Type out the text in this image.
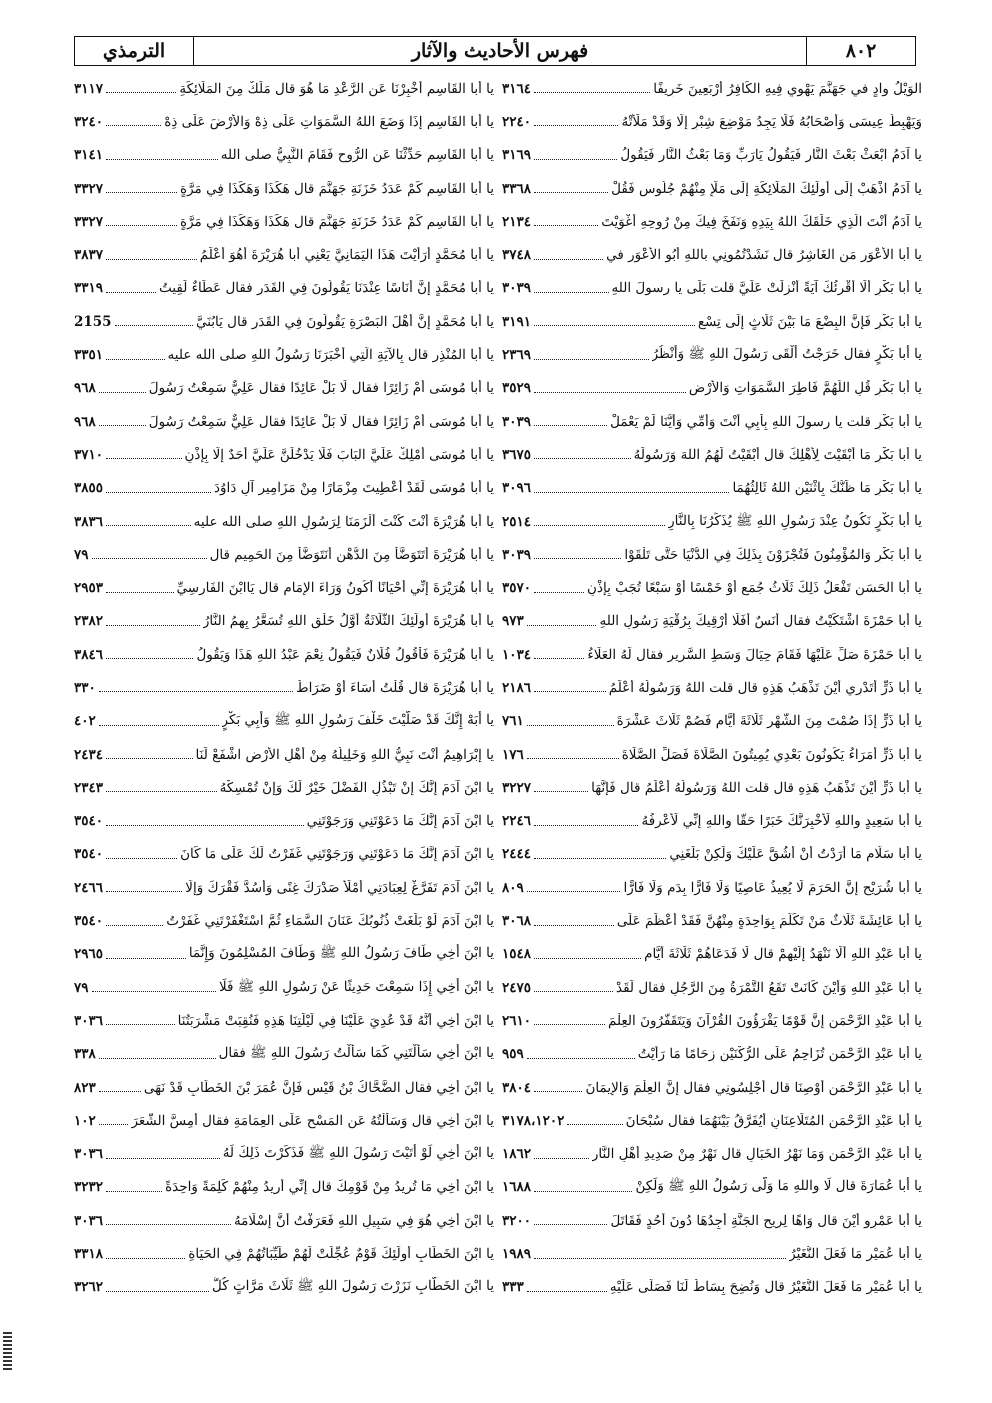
٨٠٢
فهرس الأحاديث والآثار
الترمذي
الوَيْلُ وادٍ في جَهَنَّمَ يَهْوِي فِيهِ الكَافِرُ أَرْبَعِينَ خَرِيفًا
٣١٦٤
وَيَهْبِطُ عِيسَى وَأَصْحَابُهُ فَلَا يَجِدُ مَوْضِعَ شِبْرٍ إِلَّا وَقَدْ مَلَأَتْهُ
٢٢٤٠
يا آدَمُ ابْعَثْ بَعْثَ النَّارِ فَيَقُولُ يَارَبِّ وَمَا بَعْثُ النَّارِ فَيَقُولُ
٣١٦٩
يا آدَمُ اذْهَبْ إِلَى أُولَئِكَ المَلَائِكَةِ إِلَى مَلَإٍ مِنْهُمْ جُلُوسٍ فَقُلْ
٣٣٦٨
يا آدَمُ أَنْتَ الَّذِي خَلَقَكَ اللهُ بِيَدِهِ وَنَفَخَ فِيكَ مِنْ رُوحِهِ أَغْوَيْتَ
٢١٣٤
يا أبا الأَعْوَرِ مَن الغَاشِرُ قال نَشَدْتُمُونِي باللهِ أَبُو الأَعْوَرِ في
٣٧٤٨
يا أبا بَكْرٍ أَلَا أُقْرِئُكَ آيَةً أُنْزِلَتْ عَلَيَّ قلت بَلَى يا رسولَ اللهِ
٣٠٣٩
يا أبا بَكْرٍ فَإِنَّ البِضْعَ مَا بَيْنَ ثَلَاثٍ إِلَى تِسْعٍ
٣١٩١
يا أبا بَكْرٍ فقال خَرَجْتُ أَلْقَى رَسُولَ اللهِ ﷺ وَأَنْظُرُ
٢٣٦٩
يا أبا بَكْرٍ قُلِ اللَّهُمَّ فَاطِرَ السَّمَوَاتِ وَالأَرْضِ
٣٥٢٩
يا أبا بَكْرٍ قلت يا رسولَ اللهِ بِأَبِي أَنْتَ وَأُمِّي وَأَيُّنَا لَمْ يَعْمَلْ
٣٠٣٩
يا أبا بَكْرٍ مَا أَبْقَيْتَ لِأَهْلِكَ قال أَبْقَيْتُ لَهُمُ اللهَ وَرَسُولَهُ
٣٦٧٥
يا أبا بَكْرٍ مَا ظَنُّكَ بِاثْنَيْنِ اللهُ ثَالِثُهُمَا
٣٠٩٦
يا أبا بَكْرٍ نَكُونُ عِنْدَ رَسُولِ اللهِ ﷺ يُذَكِّرُنَا بِالنَّارِ
٢٥١٤
يا أبا بَكْرٍ وَالمُؤْمِنُونَ فَتُجْزَوْنَ بِذَلِكَ فِي الدُّنْيَا حَتَّى تَلْقَوْا
٣٠٣٩
يا أبا الحَسَنِ تَفْعَلُ ذَلِكَ ثَلَاثُ جُمَعٍ أَوْ خَمْسًا أَوْ سَبْعًا تُجَبْ بِإِذْنِ
٣٥٧٠
يا أبا حَمْزَةَ اشْتَكَيْتُ فقال أَنَسٌ أَفَلَا أَرْقِيكَ بِرُقْيَةِ رَسُولِ اللهِ
٩٧٣
يا أبا حَمْزَةَ صَلِّ عَلَيْهَا فَقَامَ حِيَالَ وَسَطِ السَّرِيرِ فقال لَهُ العَلَاءُ
١٠٣٤
يا أبا ذَرٍّ أَتَدْرِي أَيْنَ تَذْهَبُ هَذِهِ قال قلت اللهُ وَرَسُولُهُ أَعْلَمُ
٢١٨٦
يا أبا ذَرٍّ إِذَا صُمْتَ مِنَ الشَّهْرِ ثَلَاثَةَ أَيَّامٍ فَصُمْ ثَلَاثَ عَشْرَةَ
٧٦١
يا أبا ذَرٍّ أُمَرَاءُ يَكُونُونَ بَعْدِي يُمِيتُونَ الصَّلَاةَ فَصَلِّ الصَّلَاةَ
١٧٦
يا أبا ذَرٍّ أَيْنَ تَذْهَبُ هَذِهِ قال قلت اللهُ وَرَسُولُهُ أَعْلَمُ قال فَإِنَّهَا
٣٢٢٧
يا أبا سَعِيدٍ واللهِ لَأُخْبِرَنَّكَ خَبَرًا حَقًّا واللهِ إِنِّي لَأَعْرِفُهُ
٢٢٤٦
يا أبا سَلَّامٍ مَا أَرَدْتُ أَنْ أَشُقَّ عَلَيْكَ وَلَكِنْ بَلَغَنِي
٢٤٤٤
يا أبا شُرَيْحٍ إِنَّ الحَرَمَ لَا يُعِيذُ عَاصِيًا وَلَا فَارًّا بِدَمٍ وَلَا فَارًّا
٨٠٩
يا أبا عَائِشَةَ ثَلَاثٌ مَنْ تَكَلَّمَ بِوَاحِدَةٍ مِنْهُنَّ فَقَدْ أَعْظَمَ عَلَى
٣٠٦٨
يا أبا عَبْدِ اللهِ أَلَا نَنْهَدُ إِلَيْهِمْ قال لَا فَدَعَاهُمْ ثَلَاثَةَ أَيَّامٍ
١٥٤٨
يا أبا عَبْدِ اللهِ وَأَيْنَ كَانَتْ تَقَعُ التَّمْرَةُ مِنَ الرَّجُلِ فقال لَقَدْ
٢٤٧٥
يا أبا عَبْدِ الرَّحْمَنِ إِنَّ قَوْمًا يَقْرَؤُونَ القُرْآنَ وَيَتَقَفَّرُونَ العِلْمَ
٢٦١٠
يا أبا عَبْدِ الرَّحْمَنِ تُزَاحِمُ عَلَى الرُّكْنَيْنِ زِحَامًا مَا رَأَيْتُ
٩٥٩
يا أبا عَبْدِ الرَّحْمَنِ أَوْصِنَا قال أَجْلِسُونِي فقال إِنَّ العِلْمَ وَالإِيمَانَ
٣٨٠٤
يا أبا عَبْدِ الرَّحْمَنِ المُتَلَاعِنَانِ أَيُفَرَّقُ بَيْنَهُمَا فقال سُبْحَانَ
٣١٧٨،١٢٠٢
يا أبا عَبْدِ الرَّحْمَنِ وَمَا نَهْرُ الخَبَالِ قال نَهْرٌ مِنْ صَدِيدِ أَهْلِ النَّارِ
١٨٦٢
يا أبا عُمَارَةَ قال لَا واللهِ مَا وَلَّى رَسُولُ اللهِ ﷺ وَلَكِنْ
١٦٨٨
يا أبا عَمْرٍو أَيْنَ قال وَاهًا لِرِيحِ الجَنَّةِ أَجِدُهَا دُونَ أُحُدٍ فَقَاتَلَ
٣٢٠٠
يا أبا عُمَيْرٍ مَا فَعَلَ النُّغَيْرُ
١٩٨٩
يا أبا عُمَيْرٍ مَا فَعَلَ النُّغَيْرُ قال وَنُضِحَ بِسَاطٌ لَنَا فَصَلَّى عَلَيْهِ
٣٣٣
يا أبا القَاسِمِ أَخْبِرْنَا عَنِ الرَّعْدِ مَا هُوَ قال مَلَكٌ مِنَ المَلَائِكَةِ
٣١١٧
يا أبا القَاسِمِ إِذَا وَضَعَ اللهُ السَّمَوَاتِ عَلَى ذِهْ وَالأَرْضَ عَلَى ذِهْ
٣٢٤٠
يا أبا القَاسِمِ حَدِّثْنَا عَنِ الرُّوحِ فَقَامَ النَّبِيُّ صلى الله
٣١٤١
يا أبا القَاسِمِ كَمْ عَدَدُ خَزَنَةِ جَهَنَّمَ قال هَكَذَا وَهَكَذَا فِي مَرَّةٍ
٣٣٢٧
يا أبا القَاسِمِ كَمْ عَدَدُ خَزَنَةِ جَهَنَّمَ قال هَكَذَا وَهَكَذَا فِي مَرَّةٍ
٣٣٢٧
يا أبا مُحَمَّدٍ أَرَأَيْتَ هَذَا اليَمَانِيَّ يَعْنِي أبا هُرَيْرَةَ أَهُوَ أَعْلَمُ
٣٨٣٧
يا أبا مُحَمَّدٍ إِنَّ أُنَاسًا عِنْدَنَا يَقُولُونَ فِي القَدَرِ فقال عَطَاءٌ لَقِيتُ
٣٣١٩
يا أبا مُحَمَّدٍ إِنَّ أَهْلَ البَصْرَةِ يَقُولُونَ فِي القَدَرِ قال يَابُنَيَّ
2155
يا أبا المُنْذِرِ قال بِالآيَةِ الَّتِي أَخْبَرَنَا رَسُولُ اللهِ صلى الله عليه
٣٣٥١
يا أبا مُوسَى أَمْ زَائِرًا فقال لَا بَلْ عَائِدًا فقال عَلِيٌّ سَمِعْتُ رَسُولَ
٩٦٨
يا أبا مُوسَى أَمْ زَائِرًا فقال لَا بَلْ عَائِدًا فقال عَلِيٌّ سَمِعْتُ رَسُولَ
٩٦٨
يا أبا مُوسَى أَمْلِكْ عَلَيَّ البَابَ فَلَا يَدْخُلَنَّ عَلَيَّ أَحَدٌ إِلَّا بِإِذْنٍ
٣٧١٠
يا أبا مُوسَى لَقَدْ أُعْطِيتَ مِزْمَارًا مِنْ مَزَامِيرِ آلِ دَاوُدَ
٣٨٥٥
يا أبا هُرَيْرَةَ أَنْتَ كُنْتَ أَلْزَمَنَا لِرَسُولِ اللهِ صلى الله عليه
٣٨٣٦
يا أبا هُرَيْرَةَ أَتَتَوَضَّأُ مِنَ الدُّهْنِ أَنَتَوَضَّأُ مِنَ الحَمِيمِ قال
٧٩
يا أبا هُرَيْرَةَ إِنِّي أَحْيَانًا أَكُونُ وَرَاءَ الإِمَامِ قال يَاابْنَ الفَارِسِيِّ
٢٩٥٣
يا أبا هُرَيْرَةَ أُولَئِكَ الثَّلَاثَةُ أَوَّلُ خَلْقِ اللهِ تُسَعَّرُ بِهِمُ النَّارُ
٢٣٨٢
يا أبا هُرَيْرَةَ فَأَقُولُ فُلَانٌ فَيَقُولُ نِعْمَ عَبْدُ اللهِ هَذَا وَيَقُولُ
٣٨٤٦
يا أبا هُرَيْرَةَ قال قُلْتُ أَسَاءَ أَوْ ضَرَاطٌ
٣٣٠
يا أَبَهْ إِنَّكَ قَدْ صَلَّيْتَ خَلْفَ رَسُولِ اللهِ ﷺ وَأَبِي بَكْرٍ
٤٠٢
يا إِبْرَاهِيمُ أَنْتَ نَبِيُّ اللهِ وَخَلِيلُهُ مِنْ أَهْلِ الأَرْضِ اشْفَعْ لَنَا
٢٤٣٤
يا ابْنَ آدَمَ إِنَّكَ إِنْ تَبْذُلِ الفَضْلَ خَيْرٌ لَكَ وَإِنْ تُمْسِكْهُ
٢٣٤٣
يا ابْنَ آدَمَ إِنَّكَ مَا دَعَوْتَنِي وَرَجَوْتَنِي
٣٥٤٠
يا ابْنَ آدَمَ إِنَّكَ مَا دَعَوْتَنِي وَرَجَوْتَنِي غَفَرْتُ لَكَ عَلَى مَا كَانَ
٣٥٤٠
يا ابْنَ آدَمَ تَفَرَّغْ لِعِبَادَتِي أَمْلَأْ صَدْرَكَ غِنًى وَأَسُدَّ فَقْرَكَ وَإِلَّا
٢٤٦٦
يا ابْنَ آدَمَ لَوْ بَلَغَتْ ذُنُوبُكَ عَنَانَ السَّمَاءِ ثُمَّ اسْتَغْفَرْتَنِي غَفَرْتُ
٣٥٤٠
يا ابْنَ أَخِي طَافَ رَسُولُ اللهِ ﷺ وَطَافَ المُسْلِمُونَ وَإِنَّمَا
٢٩٦٥
يا ابْنَ أَخِي إِذَا سَمِعْتَ حَدِيثًا عَنْ رَسُولِ اللهِ ﷺ فَلَا
٧٩
يا ابْنَ أَخِي أَنَّهُ قَدْ عُدِيَ عَلَيْنَا فِي لَيْلَتِنَا هَذِهِ فَنُقِبَتْ مَشْرَبَتُنَا
٣٠٣٦
يا ابْنَ أَخِي سَأَلْتَنِي كَمَا سَأَلْتُ رَسُولَ اللهِ ﷺ فقال
٣٣٨
يا ابْنَ أَخِي فقال الضَّحَّاكُ بْنُ قَيْسٍ فَإِنَّ عُمَرَ بْنَ الخَطَّابِ قَدْ نَهَى
٨٢٣
يا ابْنَ أَخِي قال وَسَأَلْتُهُ عَنِ المَسْحِ عَلَى العِمَامَةِ فقال أَمِسَّ الشَّعَرَ
١٠٢
يا ابْنَ أَخِي لَوْ أَتَيْتَ رَسُولَ اللهِ ﷺ فَذَكَرْتَ ذَلِكَ لَهُ
٣٠٣٦
يا ابْنَ أَخِي مَا تُرِيدُ مِنْ قَوْمِكَ قال إِنِّي أُرِيدُ مِنْهُمْ كَلِمَةً وَاحِدَةً
٣٢٣٢
يا ابْنَ أَخِي هُوَ فِي سَبِيلِ اللهِ فَعَرَفْتُ أَنَّ إِسْلَامَهُ
٣٠٣٦
يا ابْنَ الخَطَّابِ أُولَئِكَ قَوْمٌ عُجِّلَتْ لَهُمْ طَيِّبَاتُهُمْ فِي الحَيَاةِ
٣٣١٨
يا ابْنَ الخَطَّابِ نَزَرْتَ رَسُولَ اللهِ ﷺ ثَلَاثَ مَرَّاتٍ كُلُّ
٣٢٦٢
